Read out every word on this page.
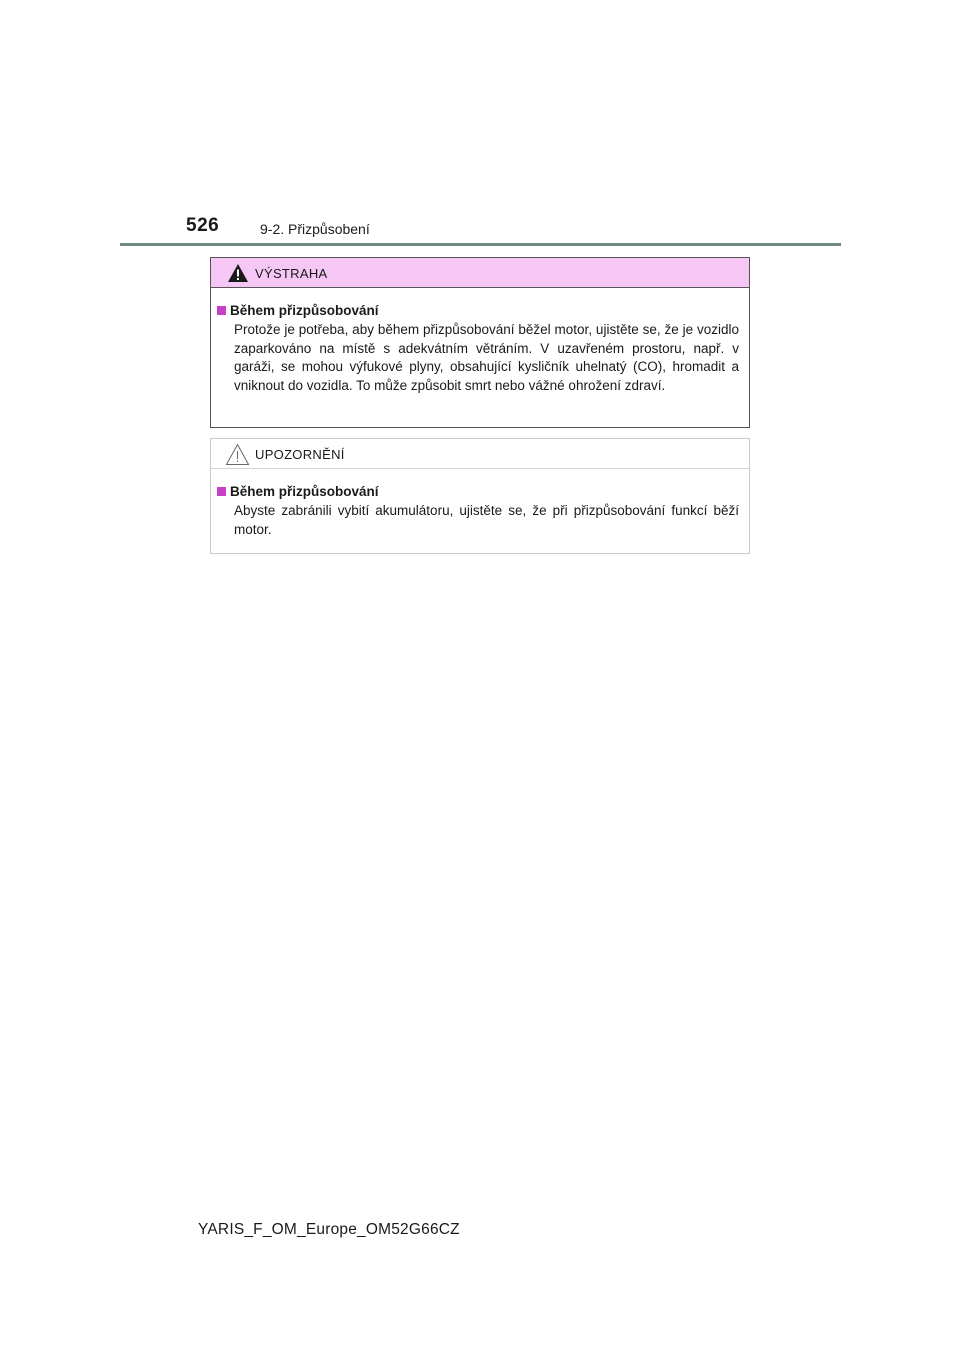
526	9-2. Přizpůsobení
VÝSTRAHA
Během přizpůsobování
Protože je potřeba, aby během přizpůsobování běžel motor, ujistěte se, že je vozidlo zaparkováno na místě s adekvátním větráním. V uzavřeném prostoru, např. v garáži, se mohou výfukové plyny, obsahující kysličník uhelnatý (CO), hromadit a vniknout do vozidla. To může způsobit smrt nebo vážné ohrožení zdraví.
UPOZORNĚNÍ
Během přizpůsobování
Abyste zabránili vybití akumulátoru, ujistěte se, že při přizpůsobování funkcí běží motor.
YARIS_F_OM_Europe_OM52G66CZ
